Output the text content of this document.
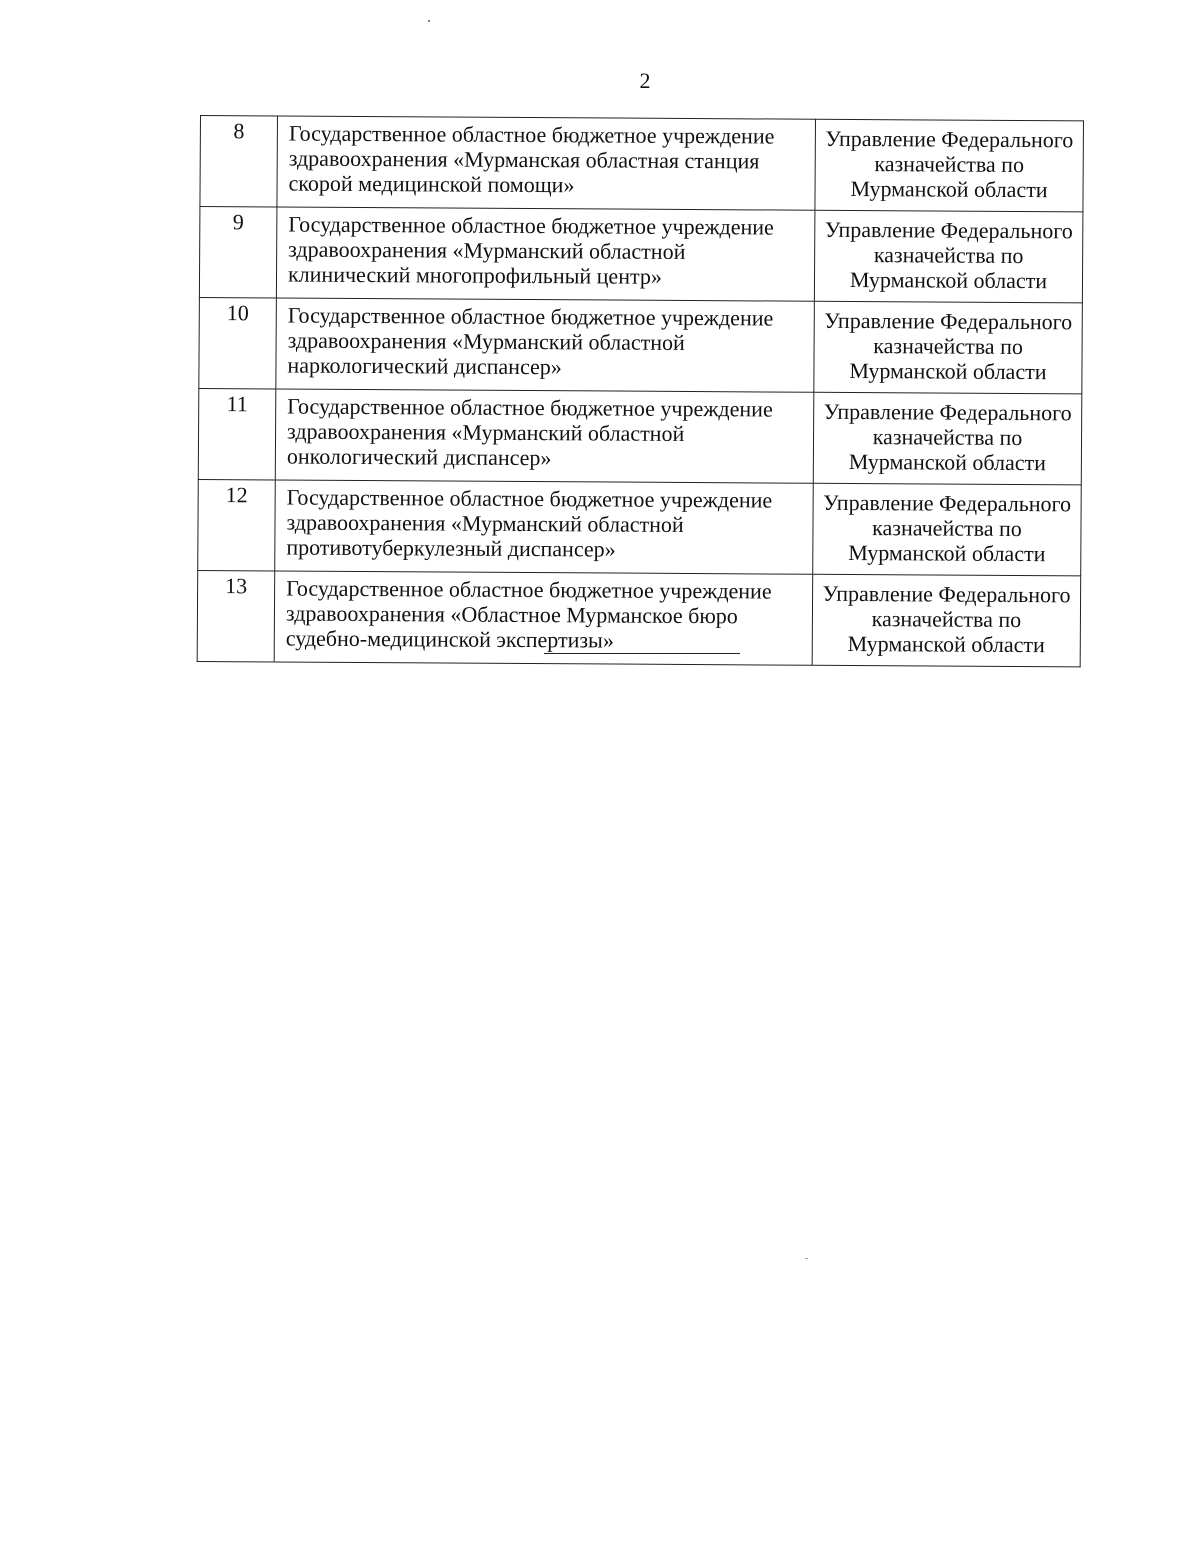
2
8	Государственное областное бюджетное учреждение
здравоохранения «Мурманская областная станция
скорой медицинской помощи»	Управление Федерального
казначейства по
Мурманской области

9	Государственное областное бюджетное учреждение
здравоохранения «Мурманский областной
клинический многопрофильный центр»	Управление Федерального
казначейства по
Мурманской области

10	Государственное областное бюджетное учреждение
здравоохранения «Мурманский областной
наркологический диспансер»	Управление Федерального
казначейства по
Мурманской области

11	Государственное областное бюджетное учреждение
здравоохранения «Мурманский областной
онкологический диспансер»	Управление Федерального
казначейства по
Мурманской области

12	Государственное областное бюджетное учреждение
здравоохранения «Мурманский областной
противотуберкулезный диспансер»	Управление Федерального
казначейства по
Мурманской области

13	Государственное областное бюджетное учреждение
здравоохранения «Областное Мурманское бюро
судебно-медицинской экспертизы»	Управление Федерального
казначейства по
Мурманской области
